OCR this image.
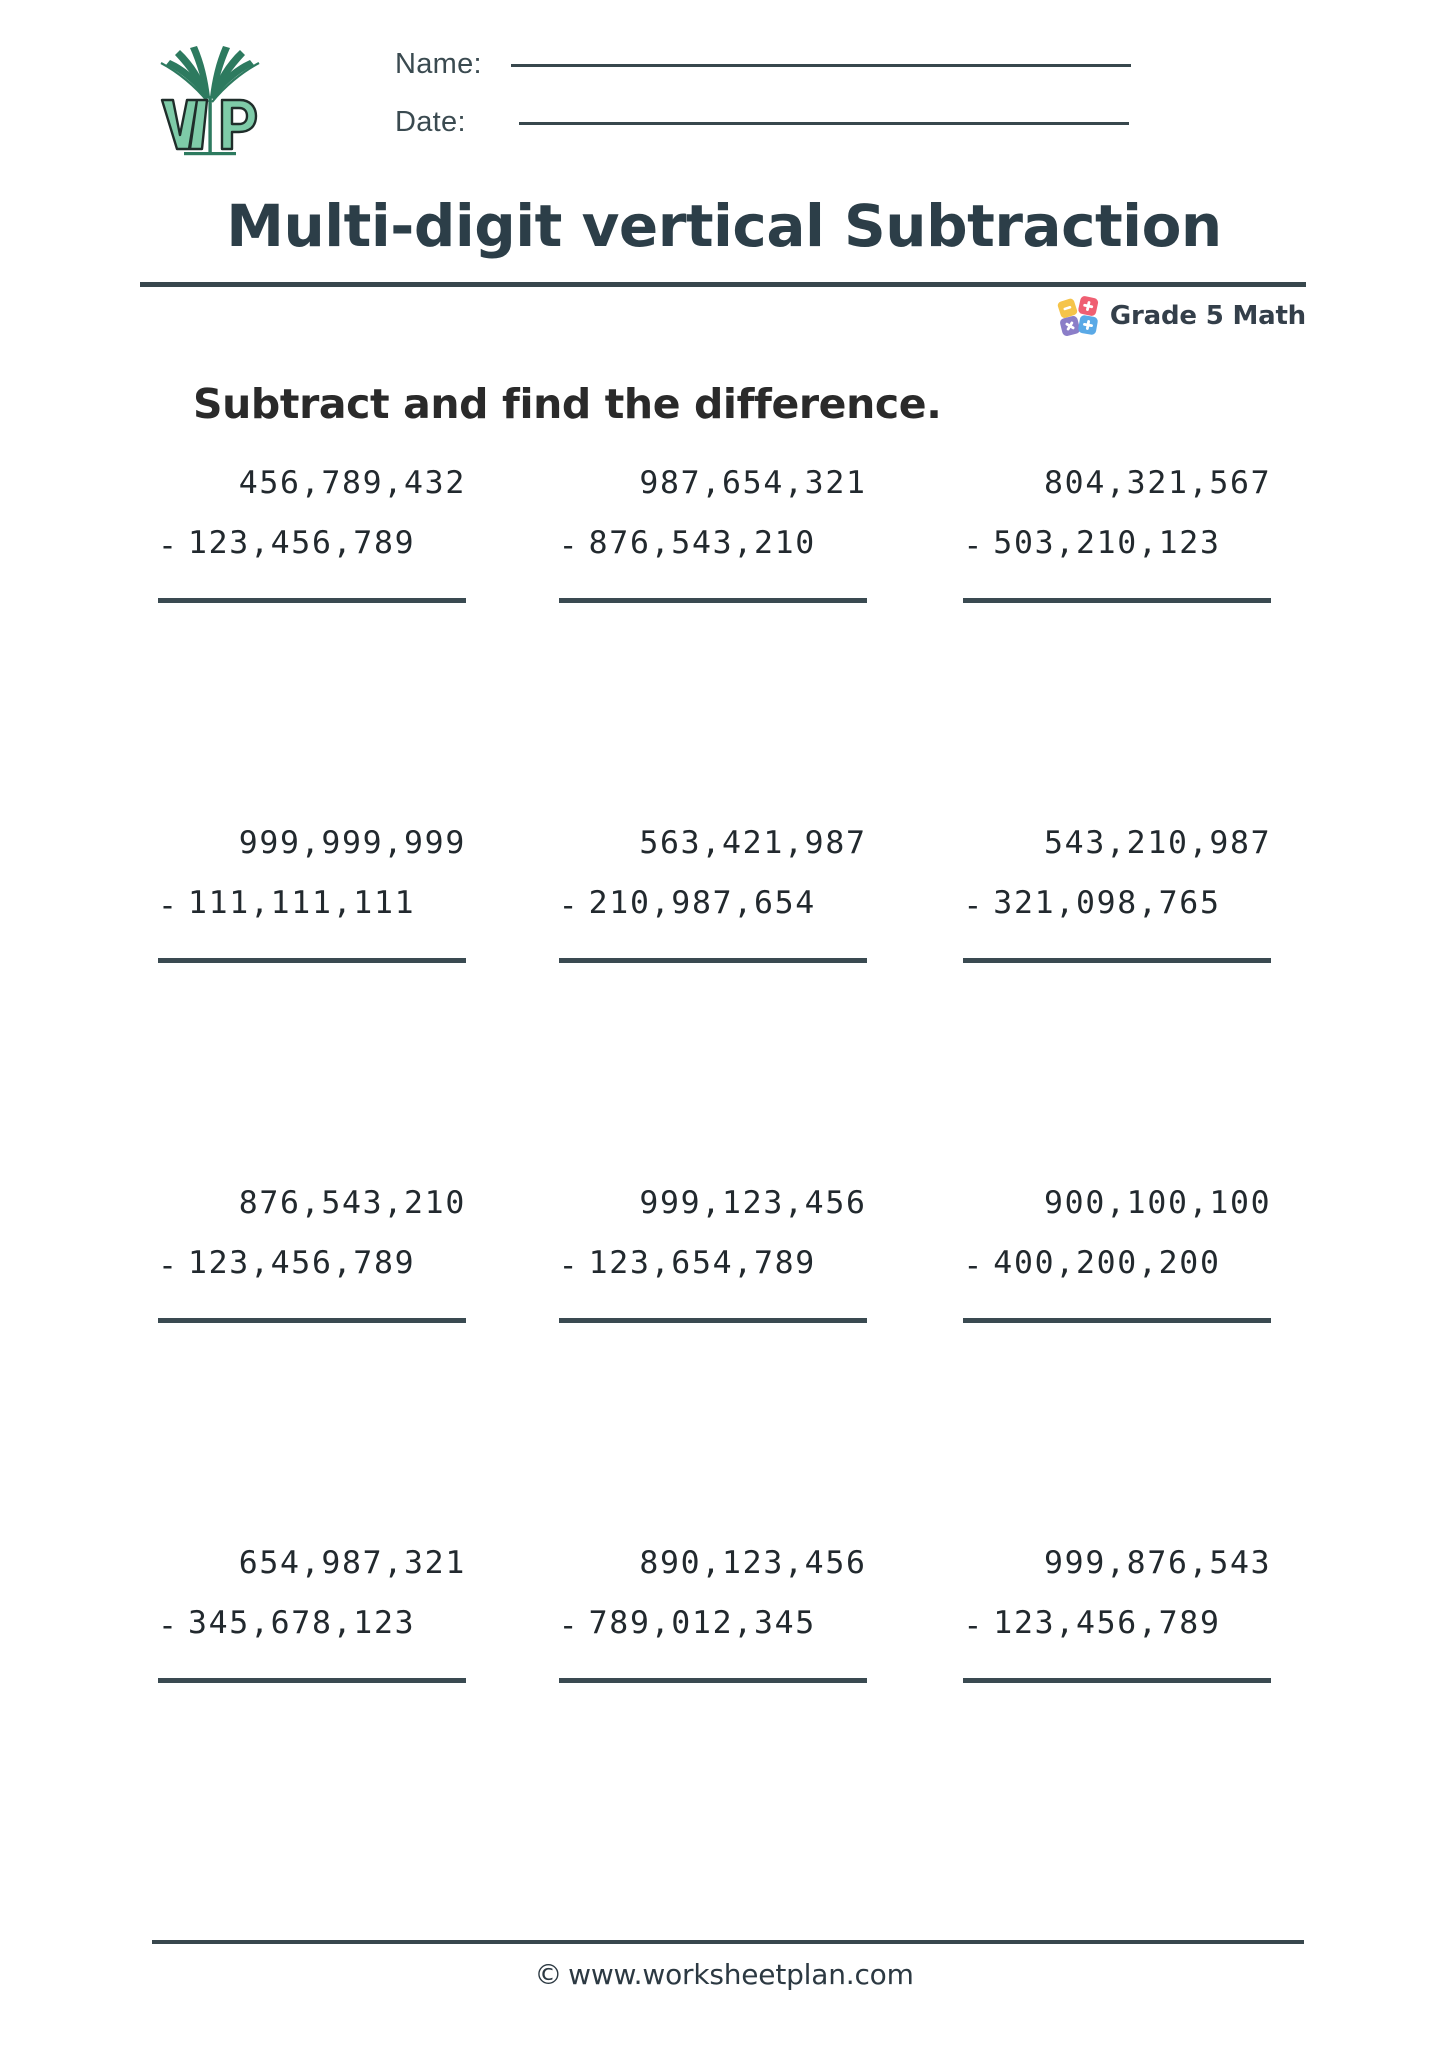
Name:
Date:
Multi-digit vertical Subtraction
Grade 5 Math
Subtract and find the difference.
456,789,432
- 123,456,789
987,654,321
- 876,543,210
804,321,567
- 503,210,123
999,999,999
- 111,111,111
563,421,987
- 210,987,654
543,210,987
- 321,098,765
876,543,210
- 123,456,789
999,123,456
- 123,654,789
900,100,100
- 400,200,200
654,987,321
- 345,678,123
890,123,456
- 789,012,345
999,876,543
- 123,456,789
© www.worksheetplan.com
